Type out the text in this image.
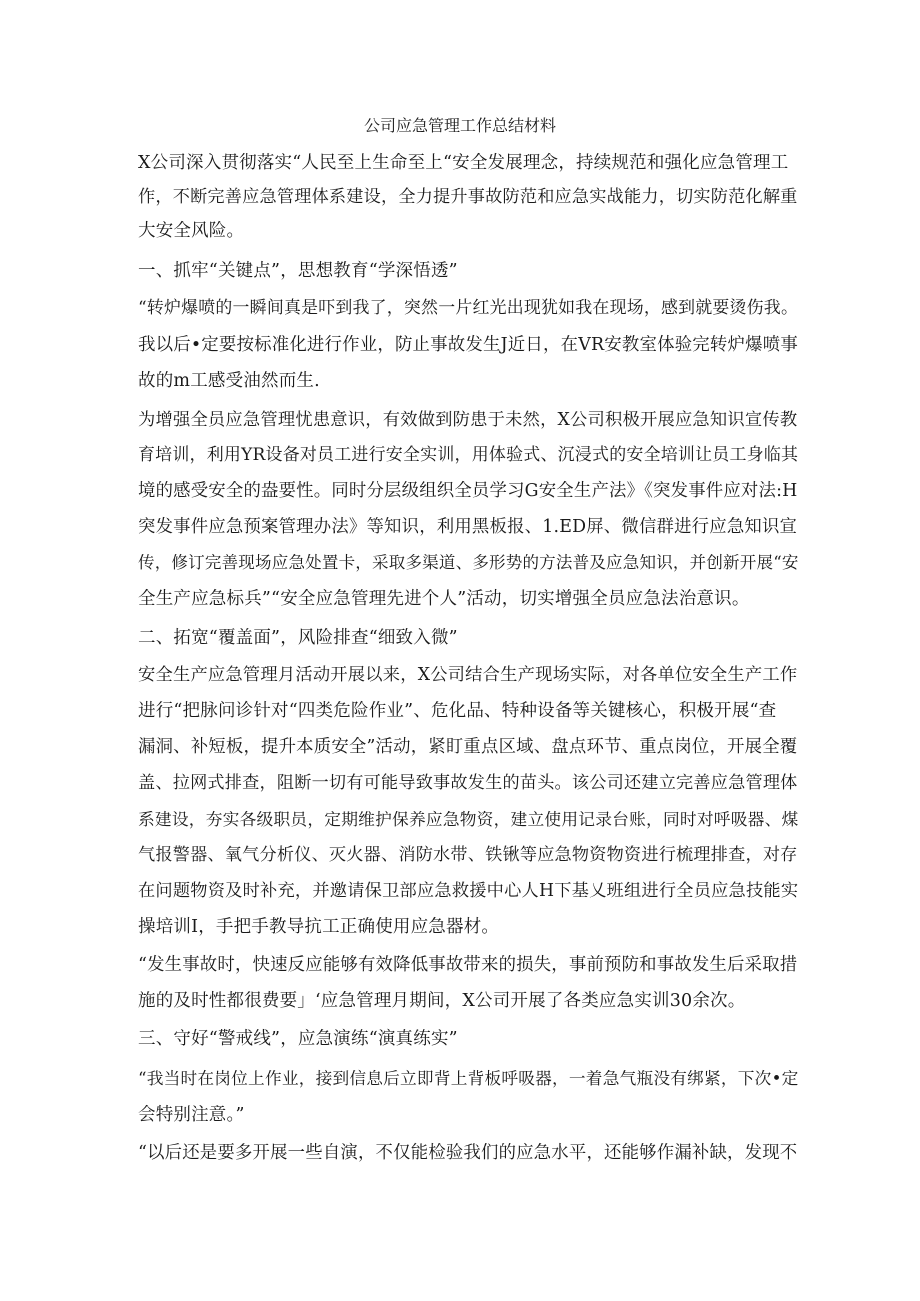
公司应急管理工作总结材料
X公司深入贯彻落实“人民至上生命至上“安全发展理念，持续规范和强化应急管理工
作，不断完善应急管理体系建设，全力提升事故防范和应急实战能力，切实防范化解重
大安全风险。
一、抓牢“关键点”，思想教育“学深悟透”
“转炉爆喷的一瞬间真是吓到我了，突然一片红光出现犹如我在现场，感到就要烫伤我。
我以后•定要按标准化进行作业，防止事故发生J近日，在VR安教室体验完转炉爆喷事
故的m工感受油然而生.
为增强全员应急管理忧患意识，有效做到防患于未然，X公司积极开展应急知识宣传教
育培训，利用YR设备对员工进行安全实训，用体验式、沉浸式的安全培训让员工身临其
境的感受安全的盎要性。同时分层级组织全员学习G安全生产法》《突发事件应对法:H
突发事件应急预案管理办法》等知识，利用黑板报、1.ED屏、微信群进行应急知识宣
传，修订完善现场应急处置卡，采取多渠道、多形势的方法普及应急知识，并创新开展“安
全生产应急标兵”“安全应急管理先进个人”活动，切实增强全员应急法治意识。
二、拓宽“覆盖面”，风险排查“细致入微”
安全生产应急管理月活动开展以来，X公司结合生产现场实际，对各单位安全生产工作
进行“把脉问诊针对“四类危险作业”、危化品、特种设备等关键核心，积极开展“查
漏洞、补短板，提升本质安全”活动，紧盯重点区域、盘点环节、重点岗位，开展全覆
盖、拉网式排查，阻断一切有可能导致事故发生的苗头。该公司还建立完善应急管理体
系建设，夯实各级职员，定期维护保养应急物资，建立使用记录台账，同时对呼吸器、煤
气报警器、氧气分析仪、灭火器、消防水带、铁锹等应急物资物资进行梳理排查，对存
在问题物资及时补充，并邀请保卫部应急救援中心人H下基乂班组进行全员应急技能实
操培训I，手把手教导抗工正确使用应急器材。
“发生事故时，快速反应能够有效降低事故带来的损失，事前预防和事故发生后采取措
施的及时性都很费要」‘应急管理月期间，X公司开展了各类应急实训30余次。
三、守好“警戒线”，应急演练“演真练实”
“我当时在岗位上作业，接到信息后立即背上背板呼吸器，一着急气瓶没有绑紧，下次•定
会特别注意。”
“以后还是要多开展一些自演，不仅能检验我们的应急水平，还能够作漏补缺，发现不
